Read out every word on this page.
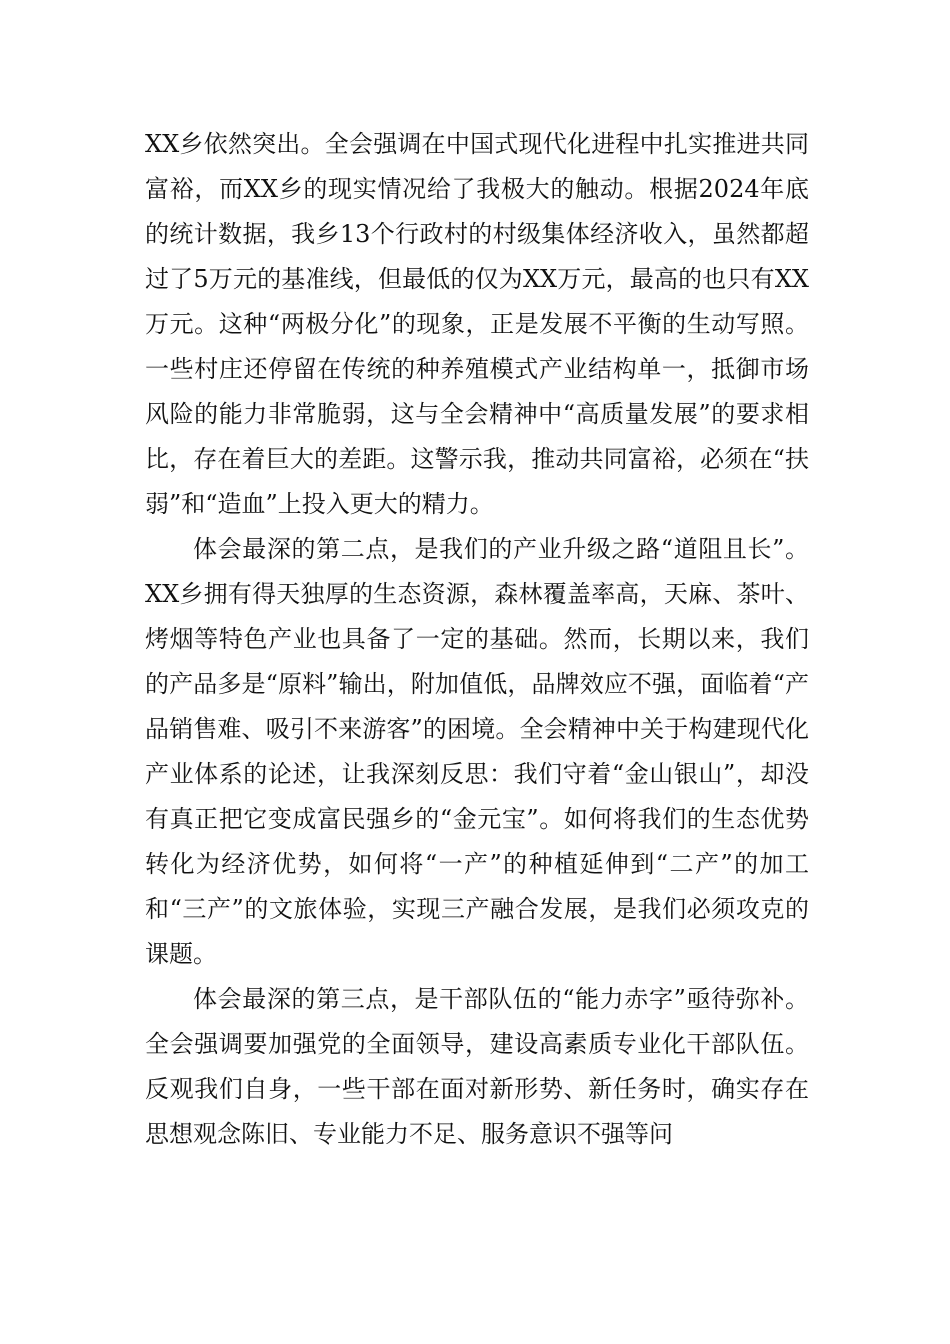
XX乡依然突出。全会强调在中国式现代化进程中扎实推进共同富裕，而XX乡的现实情况给了我极大的触动。根据2024年底的统计数据，我乡13个行政村的村级集体经济收入，虽然都超过了5万元的基准线，但最低的仅为XX万元，最高的也只有XX万元。这种“两极分化”的现象，正是发展不平衡的生动写照。一些村庄还停留在传统的种养殖模式产业结构单一，抵御市场风险的能力非常脆弱，这与全会精神中“高质量发展”的要求相比，存在着巨大的差距。这警示我，推动共同富裕，必须在“扶弱”和“造血”上投入更大的精力。

体会最深的第二点，是我们的产业升级之路“道阻且长”。XX乡拥有得天独厚的生态资源，森林覆盖率高，天麻、茶叶、烤烟等特色产业也具备了一定的基础。然而，长期以来，我们的产品多是“原料”输出，附加值低，品牌效应不强，面临着“产品销售难、吸引不来游客”的困境。全会精神中关于构建现代化产业体系的论述，让我深刻反思：我们守着“金山银山”，却没有真正把它变成富民强乡的“金元宝”。如何将我们的生态优势转化为经济优势，如何将“一产”的种植延伸到“二产”的加工和“三产”的文旅体验，实现三产融合发展，是我们必须攻克的课题。

体会最深的第三点，是干部队伍的“能力赤字”亟待弥补。全会强调要加强党的全面领导，建设高素质专业化干部队伍。反观我们自身，一些干部在面对新形势、新任务时，确实存在思想观念陈旧、专业能力不足、服务意识不强等问
